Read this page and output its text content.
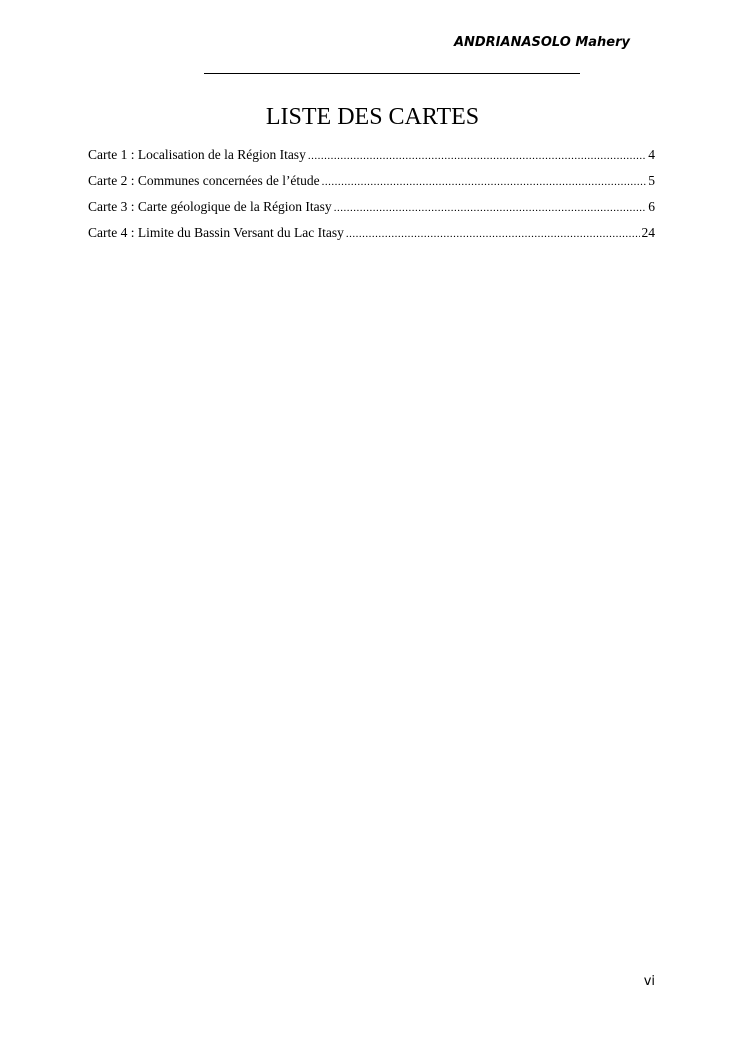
ANDRIANASOLO Mahery
LISTE DES CARTES
Carte 1 : Localisation de la Région Itasy .....	4
Carte 2 : Communes concernées de l’étude .....	5
Carte 3 : Carte géologique de la Région Itasy .....	6
Carte 4 : Limite du Bassin Versant du Lac Itasy .....	24
vi
